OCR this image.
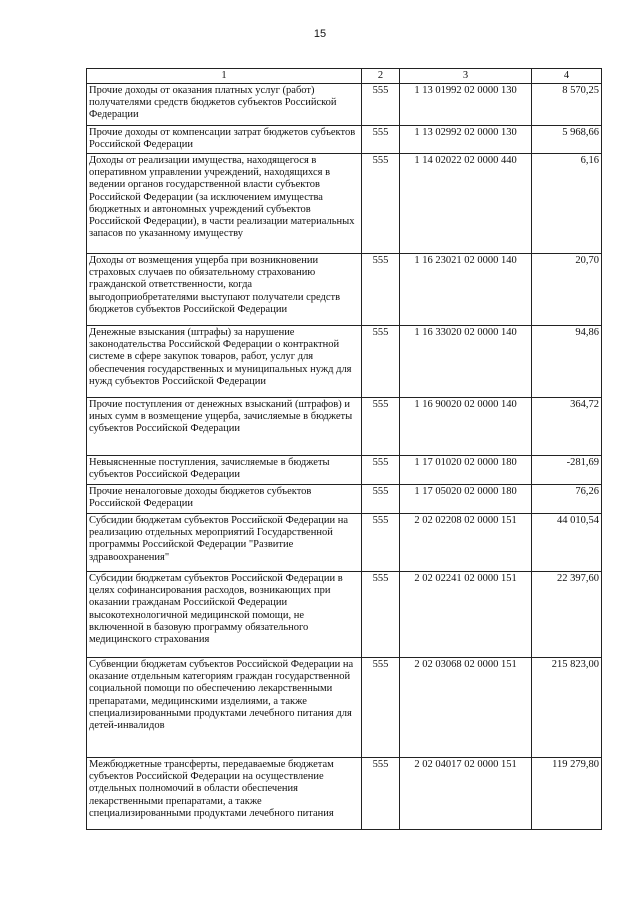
15
1	2	3	4
Прочие доходы от оказания платных услуг (работ) получателями средств бюджетов субъектов Российской Федерации	555	1 13 01992 02 0000 130	8 570,25
Прочие доходы от компенсации затрат бюджетов субъектов Российской Федерации	555	1 13 02992 02 0000 130	5 968,66
Доходы от реализации имущества, находящегося в оперативном управлении учреждений, находящихся в ведении органов государственной власти субъектов Российской Федерации (за исключением имущества бюджетных и автономных учреждений субъектов Российской Федерации), в части реализации материальных запасов по указанному имуществу	555	1 14 02022 02 0000 440	6,16
Доходы от возмещения ущерба при возникновении страховых случаев по обязательному страхованию гражданской ответственности, когда выгодоприобретателями выступают получатели средств бюджетов субъектов Российской Федерации	555	1 16 23021 02 0000 140	20,70
Денежные взыскания (штрафы) за нарушение законодательства Российской Федерации о контрактной системе в сфере закупок товаров, работ, услуг для обеспечения государственных и муниципальных нужд для нужд субъектов Российской Федерации	555	1 16 33020 02 0000 140	94,86
Прочие поступления от денежных взысканий (штрафов) и иных сумм в возмещение ущерба, зачисляемые в бюджеты субъектов Российской Федерации	555	1 16 90020 02 0000 140	364,72
Невыясненные поступления, зачисляемые в бюджеты субъектов Российской Федерации	555	1 17 01020 02 0000 180	-281,69
Прочие неналоговые доходы бюджетов субъектов Российской Федерации	555	1 17 05020 02 0000 180	76,26
Субсидии бюджетам субъектов Российской Федерации на реализацию отдельных мероприятий Государственной программы Российской Федерации "Развитие здравоохранения"	555	2 02 02208 02 0000 151	44 010,54
Субсидии бюджетам субъектов Российской Федерации в целях софинансирования расходов, возникающих при оказании гражданам Российской Федерации высокотехнологичной медицинской помощи, не включенной в базовую программу обязательного медицинского страхования	555	2 02 02241 02 0000 151	22 397,60
Субвенции бюджетам субъектов Российской Федерации на оказание отдельным категориям граждан государственной социальной помощи по обеспечению лекарственными препаратами, медицинскими изделиями, а также специализированными продуктами лечебного питания для детей-инвалидов	555	2 02 03068 02 0000 151	215 823,00
Межбюджетные трансферты, передаваемые бюджетам субъектов Российской Федерации на осуществление отдельных полномочий в области обеспечения лекарственными препаратами, а также специализированными продуктами лечебного питания	555	2 02 04017 02 0000 151	119 279,80
